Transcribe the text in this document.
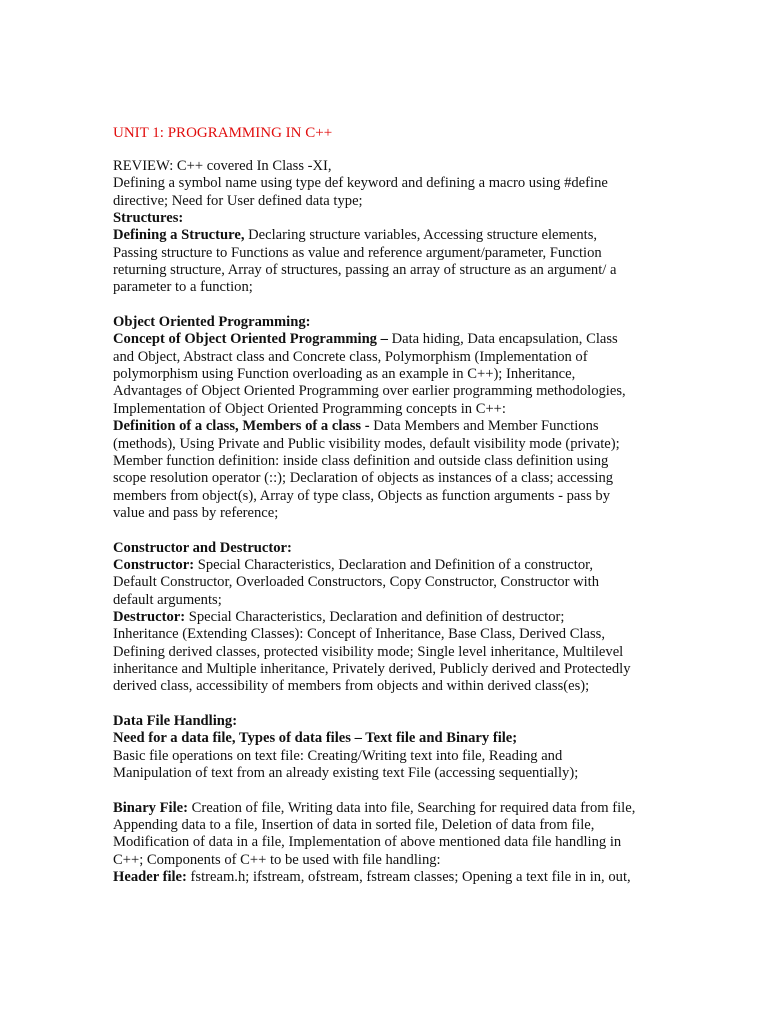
UNIT 1: PROGRAMMING IN C++
REVIEW: C++ covered In Class -XI,
Defining a symbol name using type def keyword and defining a macro using #define
directive; Need for User defined data type;
Structures:
Defining a Structure, Declaring structure variables, Accessing structure elements,
Passing structure to Functions as value and reference argument/parameter, Function
returning structure, Array of structures, passing an array of structure as an argument/ a
parameter to a function;
Object Oriented Programming:
Concept of Object Oriented Programming – Data hiding, Data encapsulation, Class
and Object, Abstract class and Concrete class, Polymorphism (Implementation of
polymorphism using Function overloading as an example in C++); Inheritance,
Advantages of Object Oriented Programming over earlier programming methodologies,
Implementation of Object Oriented Programming concepts in C++:
Definition of a class, Members of a class - Data Members and Member Functions
(methods), Using Private and Public visibility modes, default visibility mode (private);
Member function definition: inside class definition and outside class definition using
scope resolution operator (::); Declaration of objects as instances of a class; accessing
members from object(s), Array of type class, Objects as function arguments - pass by
value and pass by reference;
Constructor and Destructor:
Constructor: Special Characteristics, Declaration and Definition of a constructor,
Default Constructor, Overloaded Constructors, Copy Constructor, Constructor with
default arguments;
Destructor: Special Characteristics, Declaration and definition of destructor;
Inheritance (Extending Classes): Concept of Inheritance, Base Class, Derived Class,
Defining derived classes, protected visibility mode; Single level inheritance, Multilevel
inheritance and Multiple inheritance, Privately derived, Publicly derived and Protectedly
derived class, accessibility of members from objects and within derived class(es);
Data File Handling:
Need for a data file, Types of data files – Text file and Binary file;
Basic file operations on text file: Creating/Writing text into file, Reading and
Manipulation of text from an already existing text File (accessing sequentially);
Binary File: Creation of file, Writing data into file, Searching for required data from file,
Appending data to a file, Insertion of data in sorted file, Deletion of data from file,
Modification of data in a file, Implementation of above mentioned data file handling in
C++; Components of C++ to be used with file handling:
Header file: fstream.h; ifstream, ofstream, fstream classes; Opening a text file in in, out,
